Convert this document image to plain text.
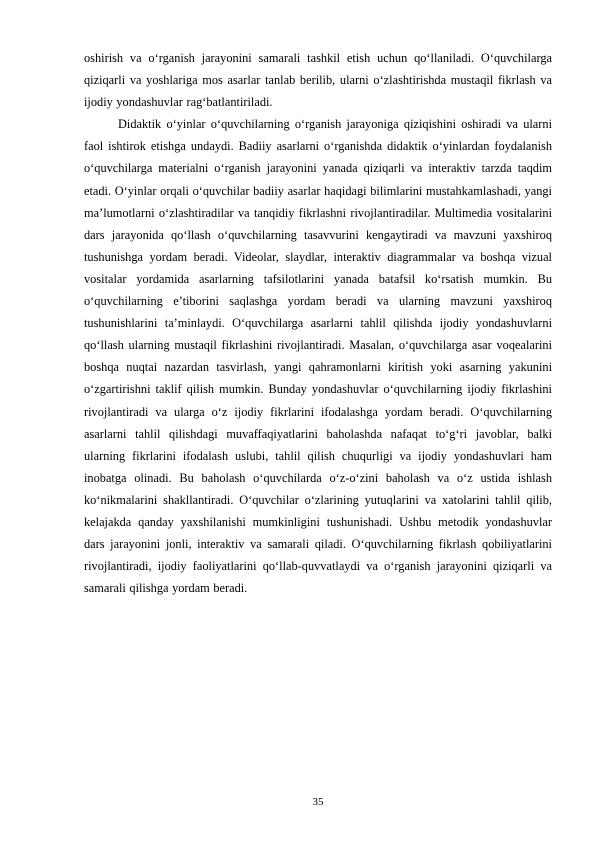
oshirish va o‘rganish jarayonini samarali tashkil etish uchun qo‘llaniladi. O‘quvchilarga qiziqarli va yoshlariga mos asarlar tanlab berilib, ularni o‘zlashtirishda mustaqil fikrlash va ijodiy yondashuvlar rag‘batlantiriladi.

Didaktik o‘yinlar o‘quvchilarning o‘rganish jarayoniga qiziqishini oshiradi va ularni faol ishtirok etishga undaydi. Badiiy asarlarni o‘rganishda didaktik o‘yinlardan foydalanish o‘quvchilarga materialni o‘rganish jarayonini yanada qiziqarli va interaktiv tarzda taqdim etadi. O‘yinlar orqali o‘quvchilar badiiy asarlar haqidagi bilimlarini mustahkamlashadi, yangi ma’lumotlarni o‘zlashtiradilar va tanqidiy fikrlashni rivojlantiradilar. Multimedia vositalarini dars jarayonida qo‘llash o‘quvchilarning tasavvurini kengaytiradi va mavzuni yaxshiroq tushunishga yordam beradi. Videolar, slaydlar, interaktiv diagrammalar va boshqa vizual vositalar yordamida asarlarning tafsilotlarini yanada batafsil ko‘rsatish mumkin. Bu o‘quvchilarning e’tiborini saqlashga yordam beradi va ularning mavzuni yaxshiroq tushunishlarini ta’minlaydi. O‘quvchilarga asarlarni tahlil qilishda ijodiy yondashuvlarni qo‘llash ularning mustaqil fikrlashini rivojlantiradi. Masalan, o‘quvchilarga asar voqealarini boshqa nuqtai nazardan tasvirlash, yangi qahramonlarni kiritish yoki asarning yakunini o‘zgartirishni taklif qilish mumkin. Bunday yondashuvlar o‘quvchilarning ijodiy fikrlashini rivojlantiradi va ularga o‘z ijodiy fikrlarini ifodalashga yordam beradi. O‘quvchilarning asarlarni tahlil qilishdagi muvaffaqiyatlarini baholashda nafaqat to‘g‘ri javoblar, balki ularning fikrlarini ifodalash uslubi, tahlil qilish chuqurligi va ijodiy yondashuvlari ham inobatga olinadi. Bu baholash o‘quvchilarda o‘z-o‘zini baholash va o‘z ustida ishlash ko‘nikmalarini shakllantiradi. O‘quvchilar o‘zlarining yutuqlarini va xatolarini tahlil qilib, kelajakda qanday yaxshilanishi mumkinligini tushunishadi. Ushbu metodik yondashuvlar dars jarayonini jonli, interaktiv va samarali qiladi. O‘quvchilarning fikrlash qobiliyatlarini rivojlantiradi, ijodiy faoliyatlarini qo‘llab-quvvatlaydi va o‘rganish jarayonini qiziqarli va samarali qilishga yordam beradi.

35
